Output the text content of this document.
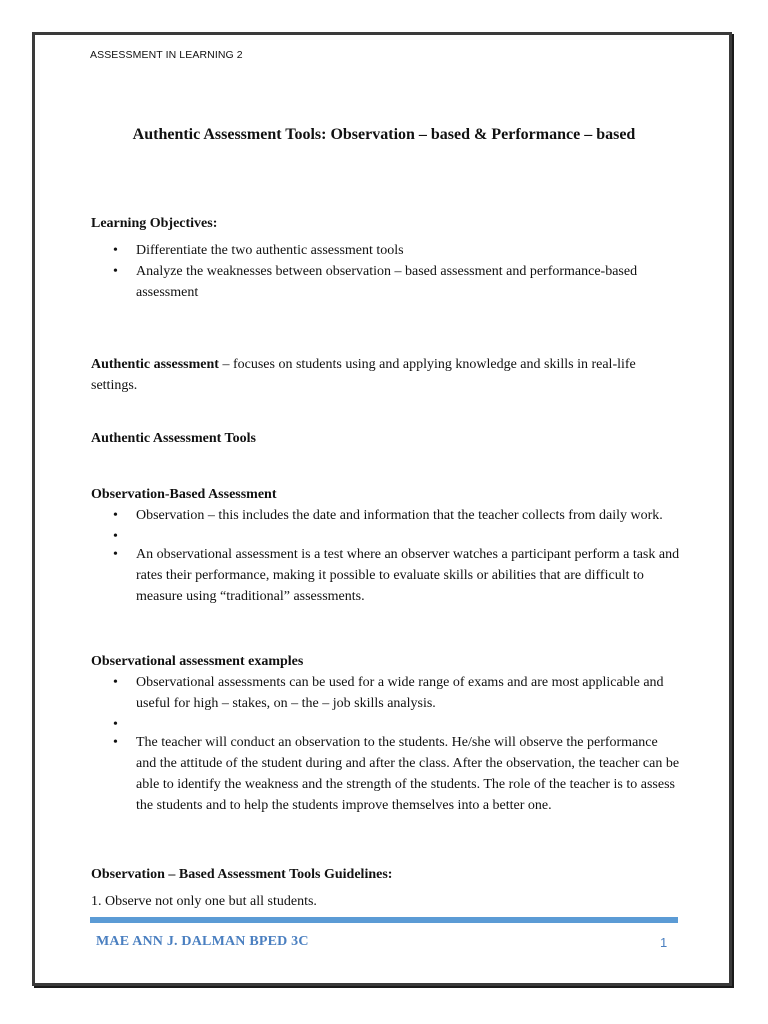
ASSESSMENT IN LEARNING 2
Authentic Assessment Tools: Observation – based & Performance – based
Learning Objectives:
• Differentiate the two authentic assessment tools
• Analyze the weaknesses between observation – based assessment and performance-based assessment
Authentic assessment – focuses on students using and applying knowledge and skills in real-life settings.
Authentic Assessment Tools
Observation-Based Assessment
• Observation – this includes the date and information that the teacher collects from daily work.
•
• An observational assessment is a test where an observer watches a participant perform a task and rates their performance, making it possible to evaluate skills or abilities that are difficult to measure using “traditional” assessments.
Observational assessment examples
• Observational assessments can be used for a wide range of exams and are most applicable and useful for high – stakes, on – the – job skills analysis.
•
• The teacher will conduct an observation to the students. He/she will observe the performance and the attitude of the student during and after the class. After the observation, the teacher can be able to identify the weakness and the strength of the students. The role of the teacher is to assess the students and to help the students improve themselves into a better one.
Observation – Based Assessment Tools Guidelines:
1. Observe not only one but all students.
MAE ANN J. DALMAN BPED 3C	1
